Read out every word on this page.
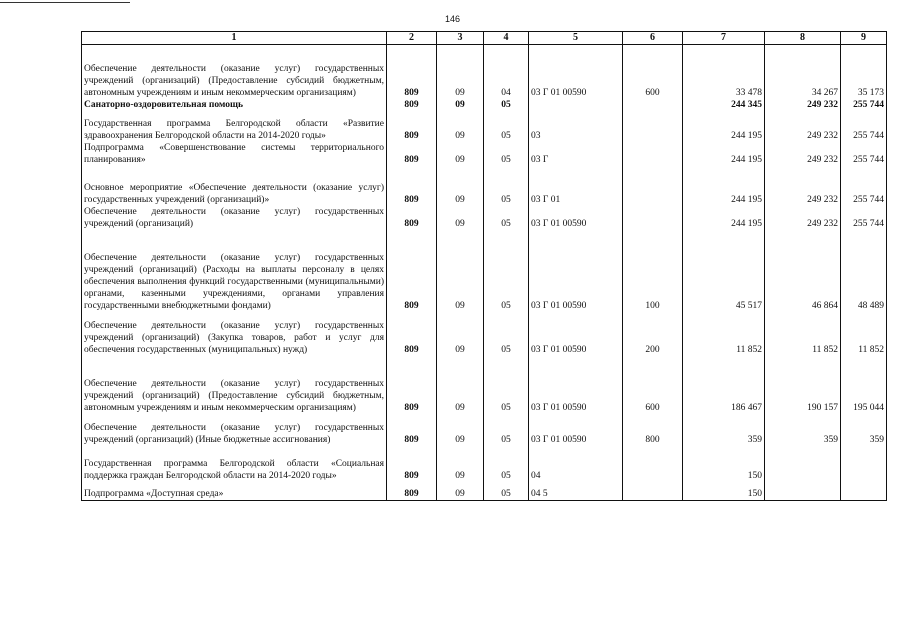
146
1	2	3	4	5	6	7	8	9

Обеспечение деятельности (оказание услуг) государственных учреждений (организаций) (Предоставление субсидий бюджетным, автономным учреждениям и иным некоммерческим организациям)	809	09	04	03 Г 01 00590	600	33 478	34 267	35 173
Санаторно-оздоровительная помощь	809	09	05			244 345	249 232	255 744

Государственная программа Белгородской области «Развитие здравоохранения Белгородской области на 2014-2020 годы»	809	09	05	03		244 195	249 232	255 744
Подпрограмма «Совершенствование системы территориального планирования»	809	09	05	03 Г		244 195	249 232	255 744

Основное мероприятие «Обеспечение деятельности (оказание услуг) государственных учреждений (организаций)»	809	09	05	03 Г 01		244 195	249 232	255 744
Обеспечение деятельности (оказание услуг) государственных учреждений (организаций)	809	09	05	03 Г 01 00590		244 195	249 232	255 744

Обеспечение деятельности (оказание услуг) государственных учреждений (организаций) (Расходы на выплаты персоналу в целях обеспечения выполнения функций государственными (муниципальными) органами, казенными учреждениями, органами управления государственными внебюджетными фондами)	809	09	05	03 Г 01 00590	100	45 517	46 864	48 489

Обеспечение деятельности (оказание услуг) государственных учреждений (организаций) (Закупка товаров, работ и услуг для обеспечения государственных (муниципальных) нужд)	809	09	05	03 Г 01 00590	200	11 852	11 852	11 852

Обеспечение деятельности (оказание услуг) государственных учреждений (организаций) (Предоставление субсидий бюджетным, автономным учреждениям и иным некоммерческим организациям)	809	09	05	03 Г 01 00590	600	186 467	190 157	195 044

Обеспечение деятельности (оказание услуг) государственных учреждений (организаций) (Иные бюджетные ассигнования)	809	09	05	03 Г 01 00590	800	359	359	359

Государственная программа Белгородской области «Социальная поддержка граждан Белгородской области на 2014-2020 годы»	809	09	05	04		150		

Подпрограмма «Доступная среда»	809	09	05	04 5		150		
